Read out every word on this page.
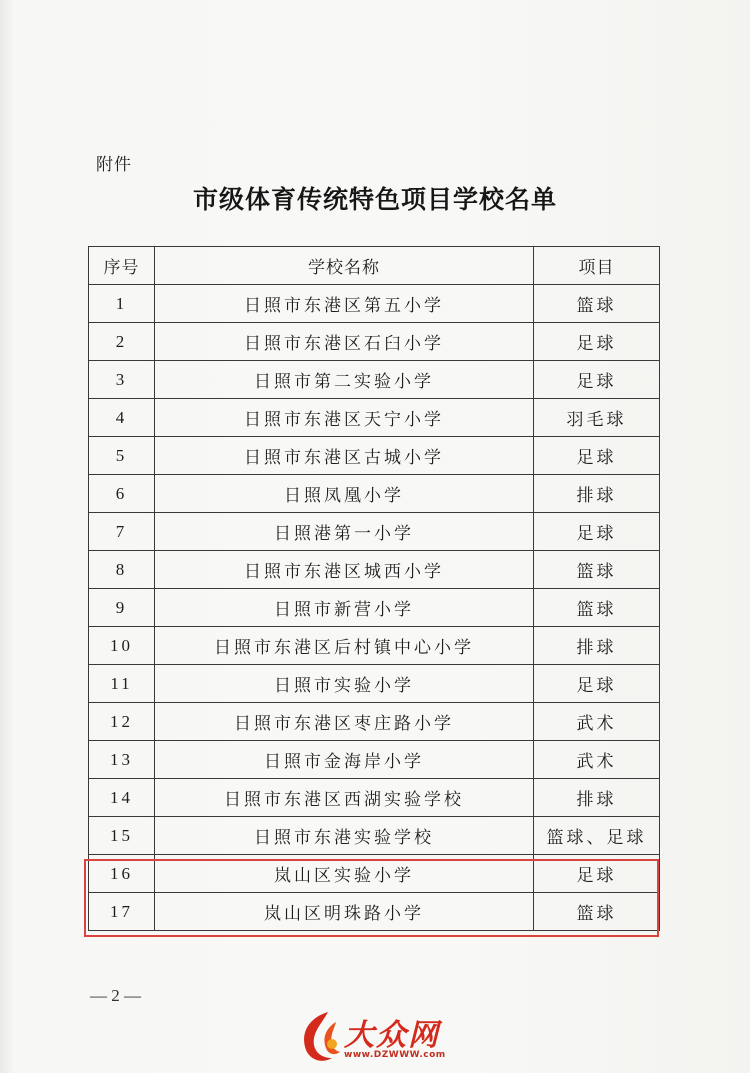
附件
市级体育传统特色项目学校名单
序号	学校名称	项目
1	日照市东港区第五小学	篮球
2	日照市东港区石臼小学	足球
3	日照市第二实验小学	足球
4	日照市东港区天宁小学	羽毛球
5	日照市东港区古城小学	足球
6	日照凤凰小学	排球
7	日照港第一小学	足球
8	日照市东港区城西小学	篮球
9	日照市新营小学	篮球
10	日照市东港区后村镇中心小学	排球
11	日照市实验小学	足球
12	日照市东港区枣庄路小学	武术
13	日照市金海岸小学	武术
14	日照市东港区西湖实验学校	排球
15	日照市东港实验学校	篮球、足球
16	岚山区实验小学	足球
17	岚山区明珠路小学	篮球
— 2 —
大众网
www.DZWWW.com
